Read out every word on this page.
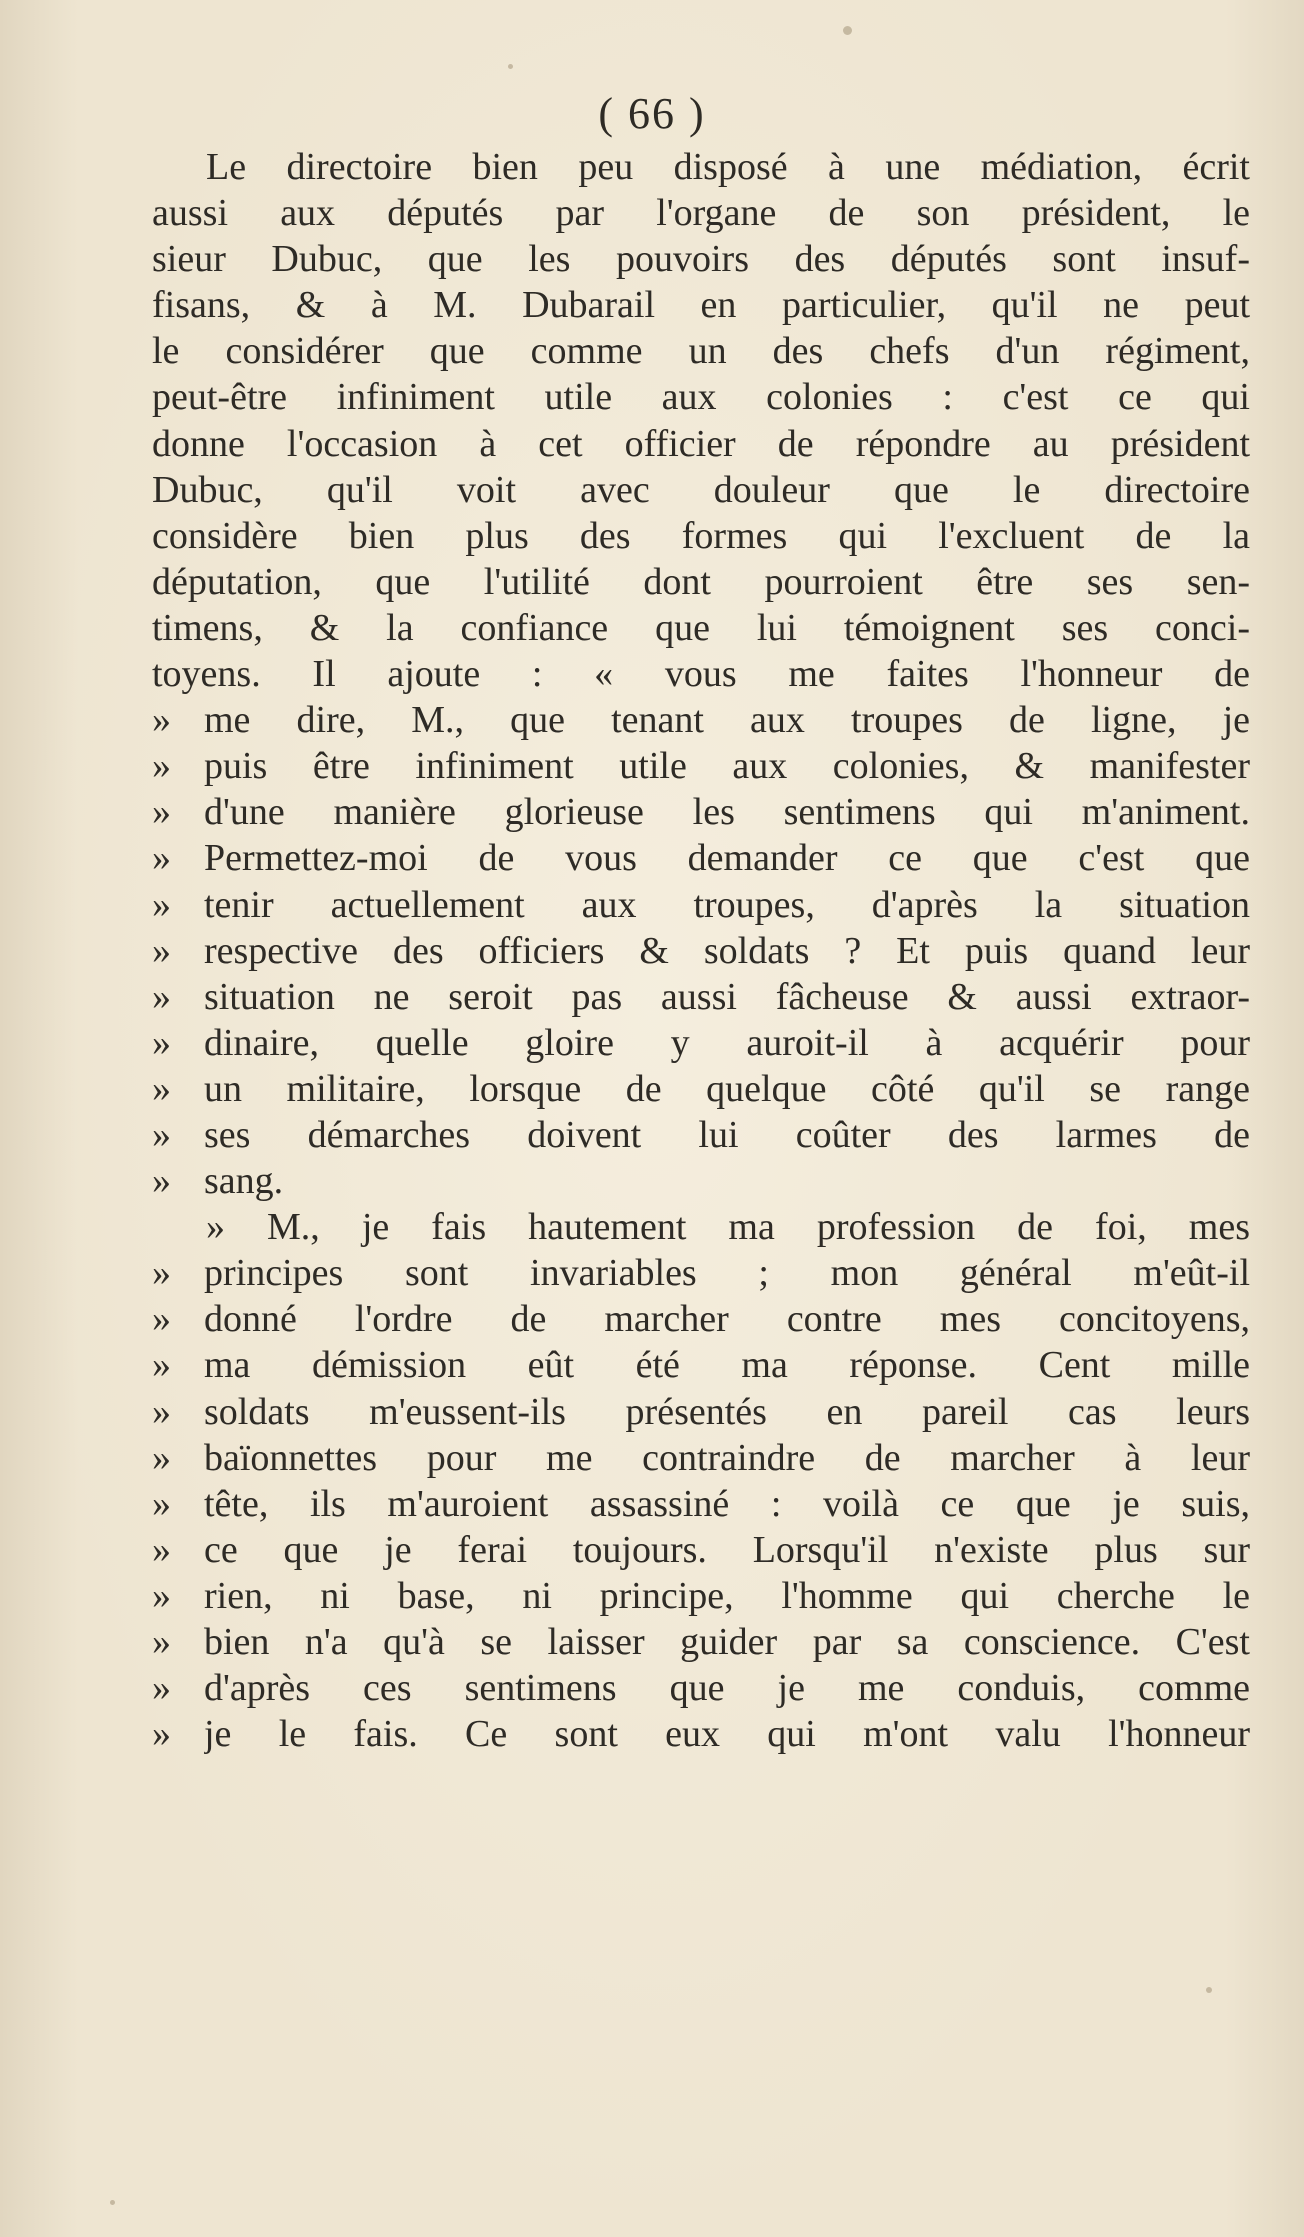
( 66 )
Le directoire bien peu disposé à une médiation, écrit
aussi aux députés par l'organe de son président, le
sieur Dubuc, que les pouvoirs des députés sont insuf-
fisans, & à M. Dubarail en particulier, qu'il ne peut
le considérer que comme un des chefs d'un régiment,
peut-être infiniment utile aux colonies : c'est ce qui
donne l'occasion à cet officier de répondre au président
Dubuc, qu'il voit avec douleur que le directoire
considère bien plus des formes qui l'excluent de la
députation, que l'utilité dont pourroient être ses sen-
timens, & la confiance que lui témoignent ses conci-
toyens. Il ajoute : « vous me faites l'honneur de
» me dire, M., que tenant aux troupes de ligne, je
» puis être infiniment utile aux colonies, & manifester
» d'une manière glorieuse les sentimens qui m'animent.
» Permettez-moi de vous demander ce que c'est que
» tenir actuellement aux troupes, d'après la situation
» respective des officiers & soldats ? Et puis quand leur
» situation ne seroit pas aussi fâcheuse & aussi extraor-
» dinaire, quelle gloire y auroit-il à acquérir pour
» un militaire, lorsque de quelque côté qu'il se range
» ses démarches doivent lui coûter des larmes de
» sang.
» M., je fais hautement ma profession de foi, mes
» principes sont invariables ; mon général m'eût-il
» donné l'ordre de marcher contre mes concitoyens,
» ma démission eût été ma réponse. Cent mille
» soldats m'eussent-ils présentés en pareil cas leurs
» baïonnettes pour me contraindre de marcher à leur
» tête, ils m'auroient assassiné : voilà ce que je suis,
» ce que je ferai toujours. Lorsqu'il n'existe plus sur
» rien, ni base, ni principe, l'homme qui cherche le
» bien n'a qu'à se laisser guider par sa conscience. C'est
» d'après ces sentimens que je me conduis, comme
» je le fais. Ce sont eux qui m'ont valu l'honneur
